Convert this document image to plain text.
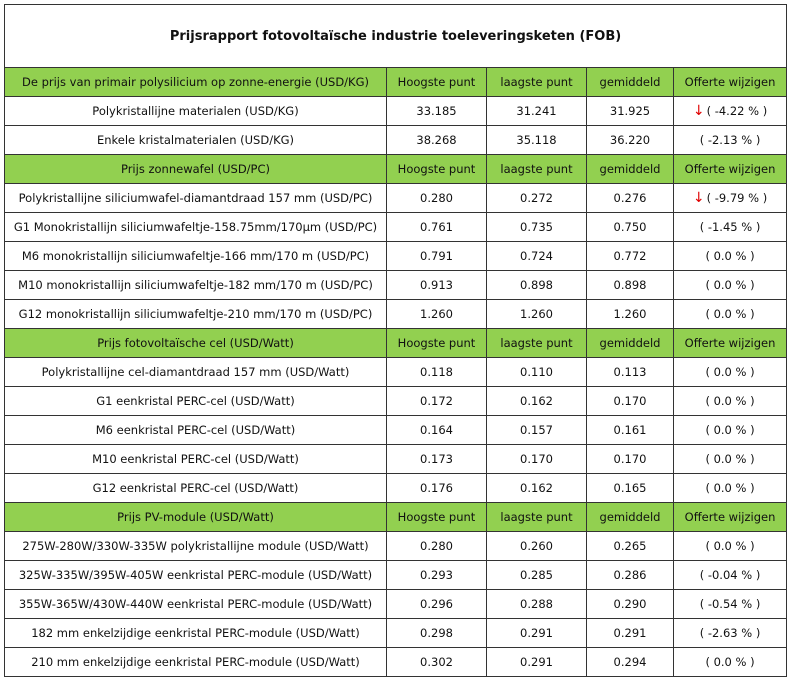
Prijsrapport fotovoltaïsche industrie toeleveringsketen (FOB)				
De prijs van primair polysilicium op zonne-energie (USD/KG)	Hoogste punt	laagste punt	gemiddeld	Offerte wijzigen
Polykristallijne materialen (USD/KG)	33.185	31.241	31.925	↓ ( -4.22 % )
Enkele kristalmaterialen (USD/KG)	38.268	35.118	36.220	( -2.13 % )
Prijs zonnewafel (USD/PC)	Hoogste punt	laagste punt	gemiddeld	Offerte wijzigen
Polykristallijne siliciumwafel-diamantdraad 157 mm (USD/PC)	0.280	0.272	0.276	↓ ( -9.79 % )
G1 Monokristallijn siliciumwafeltje-158.75mm/170μm (USD/PC)	0.761	0.735	0.750	( -1.45 % )
M6 monokristallijn siliciumwafeltje-166 mm/170 m (USD/PC)	0.791	0.724	0.772	( 0.0 % )
M10 monokristallijn siliciumwafeltje-182 mm/170 m (USD/PC)	0.913	0.898	0.898	( 0.0 % )
G12 monokristallijn siliciumwafeltje-210 mm/170 m (USD/PC)	1.260	1.260	1.260	( 0.0 % )
Prijs fotovoltaïsche cel (USD/Watt)	Hoogste punt	laagste punt	gemiddeld	Offerte wijzigen
Polykristallijne cel-diamantdraad 157 mm (USD/Watt)	0.118	0.110	0.113	( 0.0 % )
G1 eenkristal PERC-cel (USD/Watt)	0.172	0.162	0.170	( 0.0 % )
M6 eenkristal PERC-cel (USD/Watt)	0.164	0.157	0.161	( 0.0 % )
M10 eenkristal PERC-cel (USD/Watt)	0.173	0.170	0.170	( 0.0 % )
G12 eenkristal PERC-cel (USD/Watt)	0.176	0.162	0.165	( 0.0 % )
Prijs PV-module (USD/Watt)	Hoogste punt	laagste punt	gemiddeld	Offerte wijzigen
275W-280W/330W-335W polykristallijne module (USD/Watt)	0.280	0.260	0.265	( 0.0 % )
325W-335W/395W-405W eenkristal PERC-module (USD/Watt)	0.293	0.285	0.286	( -0.04 % )
355W-365W/430W-440W eenkristal PERC-module (USD/Watt)	0.296	0.288	0.290	( -0.54 % )
182 mm enkelzijdige eenkristal PERC-module (USD/Watt)	0.298	0.291	0.291	( -2.63 % )
210 mm enkelzijdige eenkristal PERC-module (USD/Watt)	0.302	0.291	0.294	( 0.0 % )
